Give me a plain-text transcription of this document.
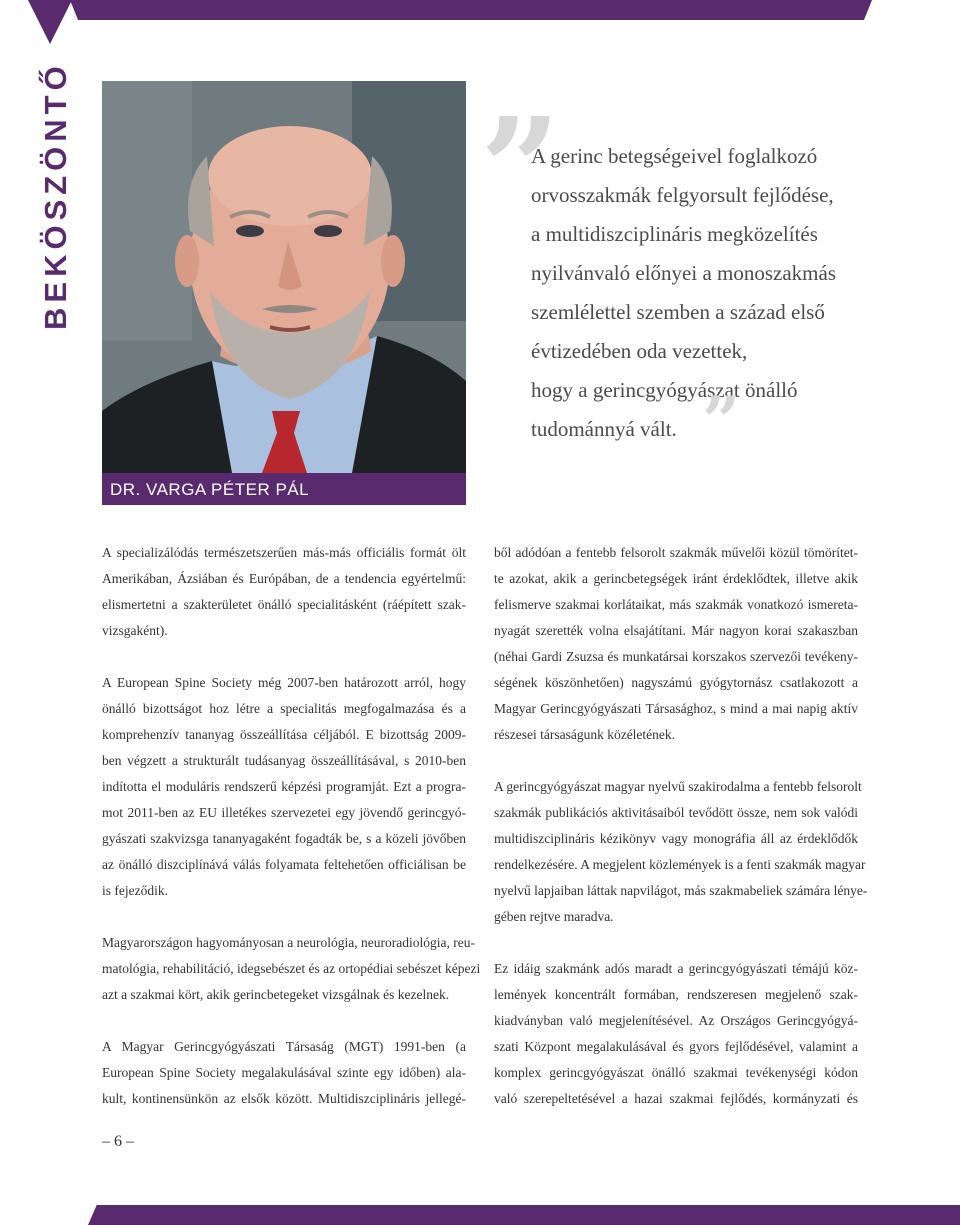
BEKÖSZÖNTŐ
DR. VARGA PÉTER PÁL
”

A gerinc betegségeivel foglalkozó
orvosszakmák felgyorsult fejlődése,
a multidiszciplináris megközelítés
nyilvánvaló előnyei a monoszakmás
szemlélettel szemben a század első
évtizedében oda vezettek,
hogy a gerincgyógyászat önálló
tudománnyá vált. ”

A specializálódás természetszerűen más-más officiális formát ölt
Amerikában, Ázsiában és Európában, de a tendencia egyértelmű:
elismertetni a szakterületet önálló specialitásként (ráépített szak-
vizsgaként).

A European Spine Society még 2007-ben határozott arról, hogy
önálló bizottságot hoz létre a specialitás megfogalmazása és a
komprehenzív tananyag összeállítása céljából. E bizottság 2009-
ben végzett a strukturált tudásanyag összeállításával, s 2010-ben
indította el moduláris rendszerű képzési programját. Ezt a progra-
mot 2011-ben az EU illetékes szervezetei egy jövendő gerincgyó-
gyászati szakvizsga tananyagaként fogadták be, s a közeli jövőben
az önálló diszciplínává válás folyamata feltehetően officiálisan be
is fejeződik.

Magyarországon hagyományosan a neurológia, neuroradiológia, reu-
matológia, rehabilitáció, idegsebészet és az ortopédiai sebészet képezi
azt a szakmai kört, akik gerincbetegeket vizsgálnak és kezelnek.

A Magyar Gerincgyógyászati Társaság (MGT) 1991-ben (a
European Spine Society megalakulásával szinte egy időben) ala-
kult, kontinensünkön az elsők között. Multidiszciplináris jellegé-

ből adódóan a fentebb felsorolt szakmák művelői közül tömörítet-
te azokat, akik a gerincbetegségek iránt érdeklődtek, illetve akik
felismerve szakmai korlátaikat, más szakmák vonatkozó ismereta-
nyagát szerették volna elsajátítani. Már nagyon korai szakaszban
(néhai Gardi Zsuzsa és munkatársai korszakos szervezői tevékeny-
ségének köszönhetően) nagyszámú gyógytornász csatlakozott a
Magyar Gerincgyógyászati Társasághoz, s mind a mai napig aktív
részesei társaságunk közéletének.

A gerincgyógyászat magyar nyelvű szakirodalma a fentebb felsorolt
szakmák publikációs aktivitásaiból tevődött össze, nem sok valódi
multidiszciplináris kézikönyv vagy monográfia áll az érdeklődők
rendelkezésére. A megjelent közlemények is a fenti szakmák magyar
nyelvű lapjaiban láttak napvilágot, más szakmabeliek számára lénye-
gében rejtve maradva.

Ez idáig szakmánk adós maradt a gerincgyógyászati témájú köz-
lemények koncentrált formában, rendszeresen megjelenő szak-
kiadványban való megjelenítésével. Az Országos Gerincgyógyá-
szati Központ megalakulásával és gyors fejlődésével, valamint a
komplex gerincgyógyászat önálló szakmai tevékenységi kódon
való szerepeltetésével a hazai szakmai fejlődés, kormányzati és

– 6 –
